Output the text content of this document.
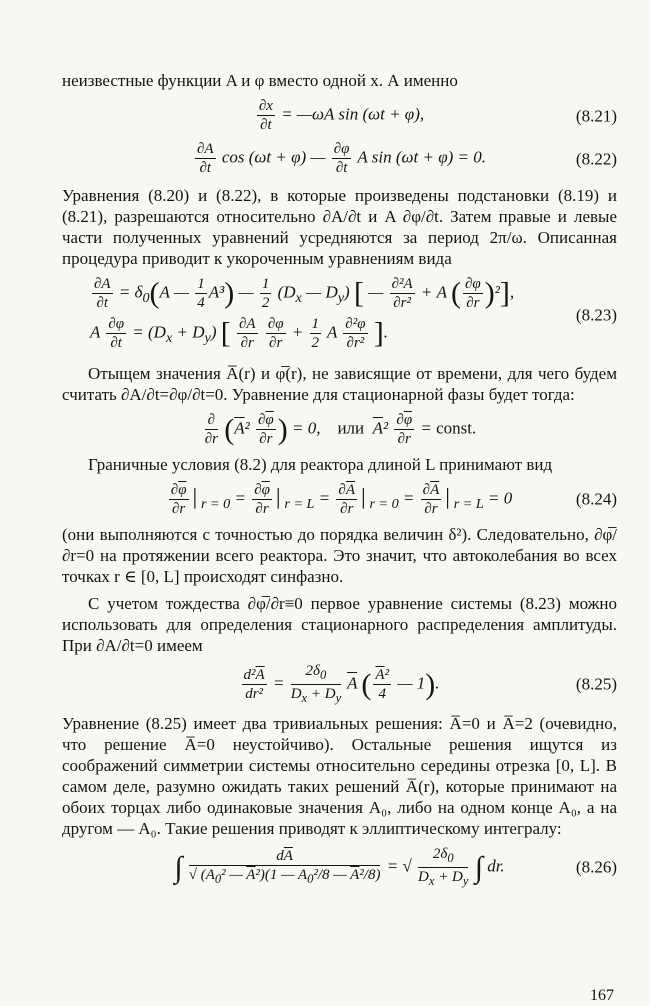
неизвестные функции A и φ вместо одной x. А именно

$\frac{\partial x}{\partial t}$ = —ωA sin (ωt + φ),	(8.21)
$\frac{\partial A}{\partial t}$ cos (ωt + φ) — $\frac{\partial\varphi}{\partial t}$ A sin (ωt + φ) = 0.	(8.22)

Уравнения (8.20) и (8.22), в которые произведены подстановки (8.19) и (8.21), разрешаются относительно ∂A/∂t и A ∂φ/∂t. Затем правые и левые части полученных уравнений усредняются за период 2π/ω. Описанная процедура приводит к укороченным уравнениям вида

$\frac{\partial A}{\partial t} = \delta_0(A$ — $\frac{1}{4} A^3$) — $\frac{1}{2} (D_x$ — $D_y$) [ — $\frac{\text{∂²A}}{\text{∂r²}} + A$ ( $\frac{\partial\varphi}{\partial r} )^2$],
A $\frac{\partial\varphi}{\partial t} = (D_x + D_y)$ [ $\frac{\partial A}{\partial r}$
$\frac{\partial\varphi}{\partial r} + \frac{1}{2}$ A $\frac{\text{∂²φ}}{\text{∂r²}}$ ].
(8.23)

Отыщем значения A̅(r) и φ̅(r), не зависящие от времени, для чего будем считать ∂A/∂t=∂φ/∂t=0. Уравнение для стационарной фазы будет тогда:

$\frac{\partial}{\partial r} (\overline{A}^2 \frac{\partial\overline{\varphi}}{\partial r}$ ) = 0,    или $\overline{A}^2 \frac{\partial\overline{\varphi}}{\partial r}$ = const.

Граничные условия (8.2) для реактора длиной L принимают вид

$\frac{\partial\overline{\varphi}}{\partial r}$ $│_{r = 0} = \frac{\partial\overline{\varphi}}{\partial r}$ $│_{r = L} = \frac{\partial\overline{A}}{\partial r}$ $│_{r = 0} = \frac{\partial\overline{A}}{\partial r}$ $│_{r = L} = 0$	(8.24)

(они выполняются с точностью до порядка величин δ²). Следовательно, ∂φ̅/∂r=0 на протяжении всего реактора. Это значит, что автоколебания во всех точках r ∈ [0, L] происходят синфазно.

С учетом тождества ∂φ̅/∂r≡0 первое уравнение системы (8.23) можно использовать для определения стационарного распределения амплитуды. При ∂A/∂t=0 имеем

$\frac{d^2\overline{A}}{\text{dr²}} = \frac{2\delta_0}{D_x + D_y} \overline{A}$ ( $\frac{\overline{A}^2}{4}$ — 1).	(8.25)

Уравнение (8.25) имеет два тривиальных решения: A̅=0 и A̅=2 (очевидно, что решение A̅=0 неустойчиво). Остальные решения ищутся из соображений симметрии системы относительно середины отрезка [0, L]. В самом деле, разумно ожидать таких решений A̅(r), которые принимают на обоих торцах либо одинаковые значения A₀, либо на одном конце A₀, а на другом — A₀. Такие решения приводят к эллиптическому интегралу:

∫ $\frac{d\overline{A}}{√ (A_0^2 — \overline{A}^2)(1 — A_0^2/8 — \overline{A}^2/8)}$ = √ $\frac{2\delta_0}{D_x + D_y}$ ∫ dr.	(8.26)
167
